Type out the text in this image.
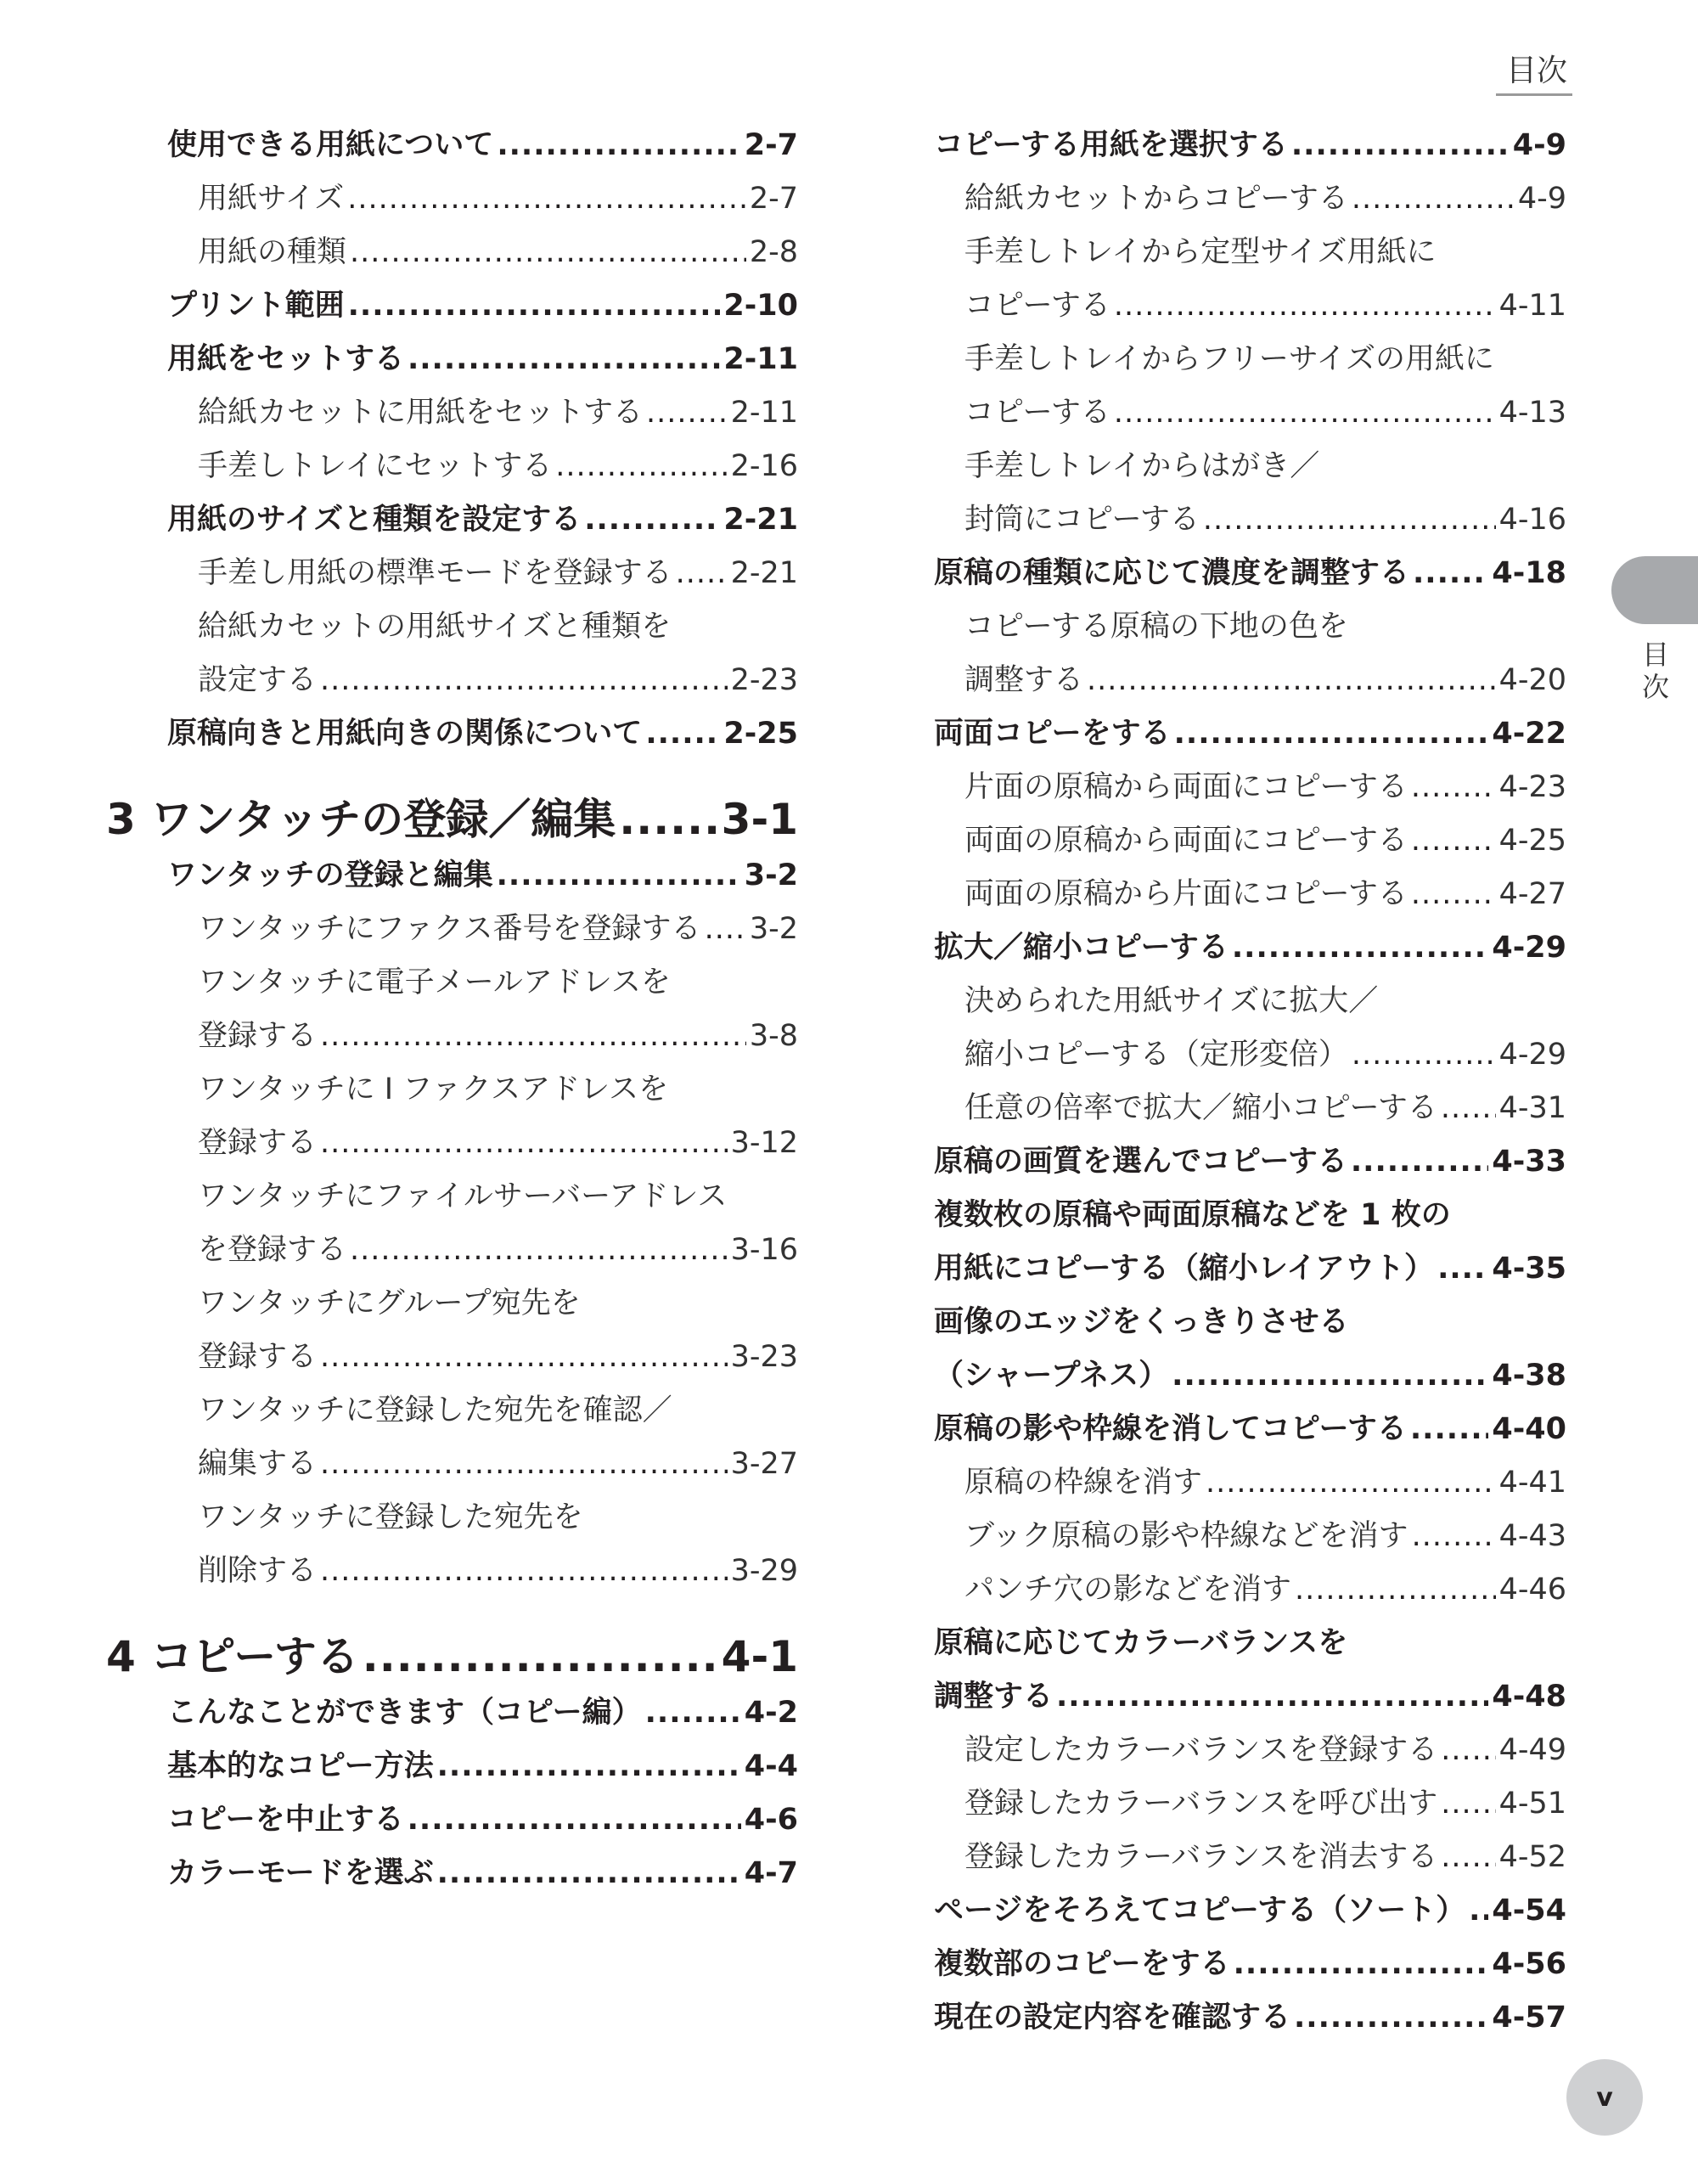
目次
使用できる用紙について .....	2-7
用紙サイズ .....	2-7
用紙の種類 .....	2-8
プリント範囲 .....	2-10
用紙をセットする .....	2-11
給紙カセットに用紙をセットする .....	2-11
手差しトレイにセットする .....	2-16
用紙のサイズと種類を設定する .....	2-21
手差し用紙の標準モードを登録する ..... 2-21
給紙カセットの用紙サイズと種類を
設定する .....	2-23
原稿向きと用紙向きの関係について .....	2-25
3 ワンタッチの登録／編集 ..... 3-1
ワンタッチの登録と編集 .....	3-2
ワンタッチにファクス番号を登録する ..... 3-2
ワンタッチに電子メールアドレスを
登録する .....	3-8
ワンタッチに I ファクスアドレスを
登録する .....	3-12
ワンタッチにファイルサーバーアドレス
を登録する .....	3-16
ワンタッチにグループ宛先を
登録する .....	3-23
ワンタッチに登録した宛先を確認／
編集する .....	3-27
ワンタッチに登録した宛先を
削除する .....	3-29
4 コピーする .....	4-1
こんなことができます（コピー編） .....	4-2
基本的なコピー方法 .....	4-4
コピーを中止する .....	4-6
カラーモードを選ぶ .....	4-7
コピーする用紙を選択する .....	4-9
給紙カセットからコピーする .....	4-9
手差しトレイから定型サイズ用紙に
コピーする .....	4-11
手差しトレイからフリーサイズの用紙に
コピーする .....	4-13
手差しトレイからはがき／
封筒にコピーする .....	4-16
原稿の種類に応じて濃度を調整する .....	4-18
コピーする原稿の下地の色を
調整する .....	4-20
両面コピーをする .....	4-22
片面の原稿から両面にコピーする .....	4-23
両面の原稿から両面にコピーする .....	4-25
両面の原稿から片面にコピーする .....	4-27
拡大／縮小コピーする .....	4-29
決められた用紙サイズに拡大／
縮小コピーする（定形変倍） .....	4-29
任意の倍率で拡大／縮小コピーする ..... 4-31
原稿の画質を選んでコピーする .....	4-33
複数枚の原稿や両面原稿などを 1 枚の
用紙にコピーする（縮小レイアウト） ..... 4-35
画像のエッジをくっきりさせる
（シャープネス） .....	4-38
原稿の影や枠線を消してコピーする .....	4-40
原稿の枠線を消す .....	4-41
ブック原稿の影や枠線などを消す .....	4-43
パンチ穴の影などを消す .....	4-46
原稿に応じてカラーバランスを
調整する .....	4-48
設定したカラーバランスを登録する ..... 4-49
登録したカラーバランスを呼び出す ..... 4-51
登録したカラーバランスを消去する ..... 4-52
ページをそろえてコピーする（ソート） ..... 4-54
複数部のコピーをする .....	4-56
現在の設定内容を確認する .....	4-57
目
次
v
